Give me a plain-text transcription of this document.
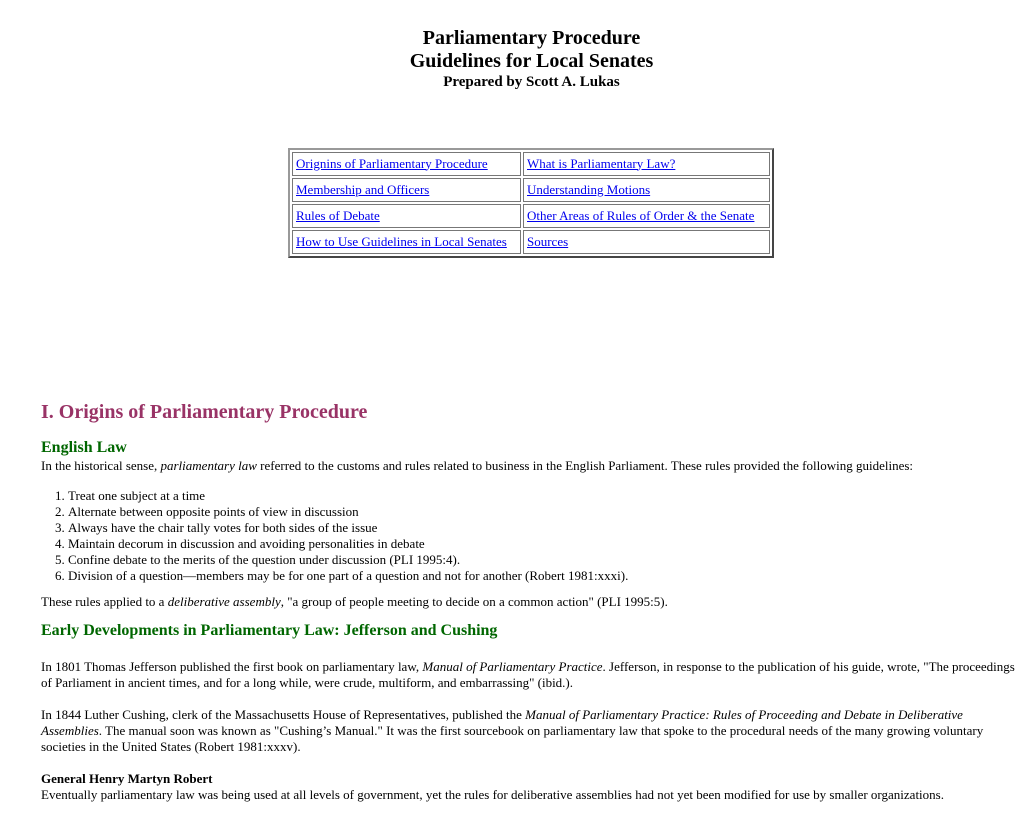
Parliamentary Procedure
Guidelines for Local Senates
Prepared by Scott A. Lukas
Orignins of Parliamentary Procedure	What is Parliamentary Law?
Membership and Officers	Understanding Motions
Rules of Debate	Other Areas of Rules of Order & the Senate
How to Use Guidelines in Local Senates	Sources
I. Origins of Parliamentary Procedure
English Law

In the historical sense, parliamentary law referred to the customs and rules related to business in the English Parliament. These rules provided the following guidelines:

1. Treat one subject at a time
2. Alternate between opposite points of view in discussion
3. Always have the chair tally votes for both sides of the issue
4. Maintain decorum in discussion and avoiding personalities in debate
5. Confine debate to the merits of the question under discussion (PLI 1995:4).
6. Division of a question—members may be for one part of a question and not for another (Robert 1981:xxxi).

These rules applied to a deliberative assembly, "a group of people meeting to decide on a common action" (PLI 1995:5).

Early Developments in Parliamentary Law: Jefferson and Cushing

In 1801 Thomas Jefferson published the first book on parliamentary law, Manual of Parliamentary Practice. Jefferson, in response to the publication of his guide, wrote, "The proceedings of Parliament in ancient times, and for a long while, were crude, multiform, and embarrassing" (ibid.).

In 1844 Luther Cushing, clerk of the Massachusetts House of Representatives, published the Manual of Parliamentary Practice: Rules of Proceeding and Debate in Deliberative Assemblies. The manual soon was known as "Cushing’s Manual." It was the first sourcebook on parliamentary law that spoke to the procedural needs of the many growing voluntary societies in the United States (Robert 1981:xxxv).

General Henry Martyn Robert

Eventually parliamentary law was being used at all levels of government, yet the rules for deliberative assemblies had not yet been modified for use by smaller organizations.
